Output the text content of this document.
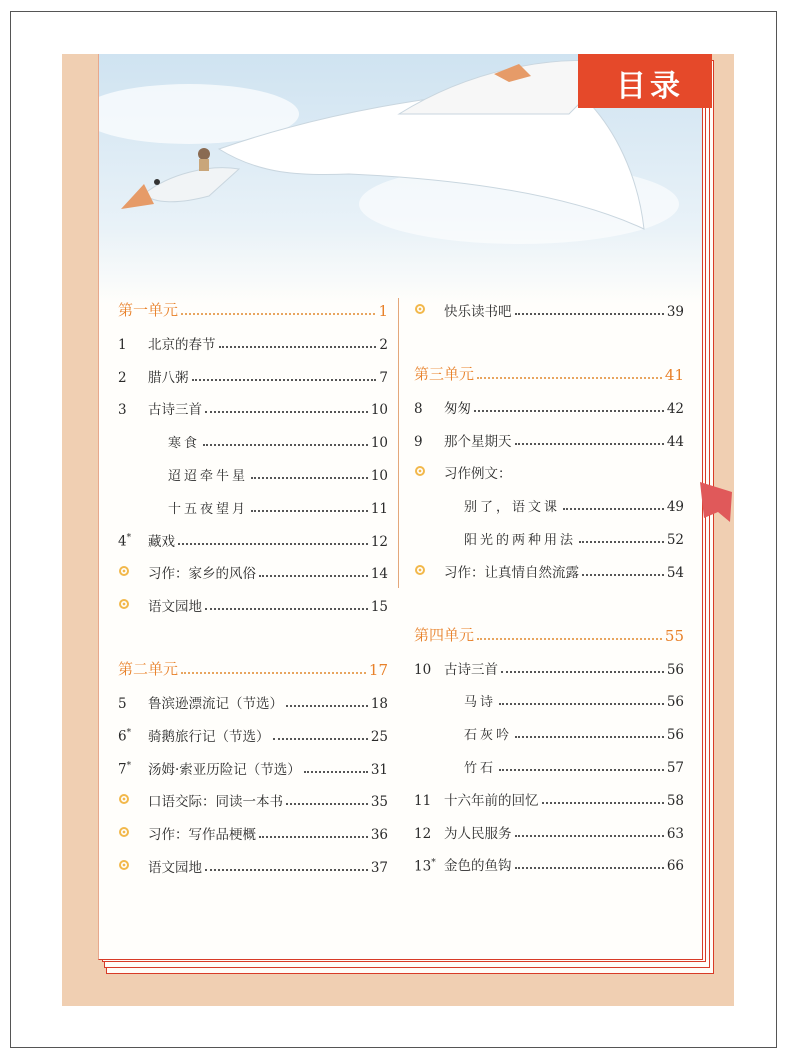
目录
第一单元	1
1	北京的春节	2
2	腊八粥	7
3	古诗三首	10
寒食	10
迢迢牵牛星	10
十五夜望月	11
4*	藏戏	12
习作：家乡的风俗	14
语文园地	15
第二单元	17
5	鲁滨逊漂流记（节选）	18
6*	骑鹅旅行记（节选）	25
7*	汤姆·索亚历险记（节选）	31
口语交际：同读一本书	35
习作：写作品梗概	36
语文园地	37
快乐读书吧	39
第三单元	41
8	匆匆	42
9	那个星期天	44
习作例文：
别了，语文课	49
阳光的两种用法	52
习作：让真情自然流露	54
第四单元	55
10 古诗三首	56
马诗	56
石灰吟	56
竹石	57
11 十六年前的回忆	58
12 为人民服务	63
13* 金色的鱼钩	66
